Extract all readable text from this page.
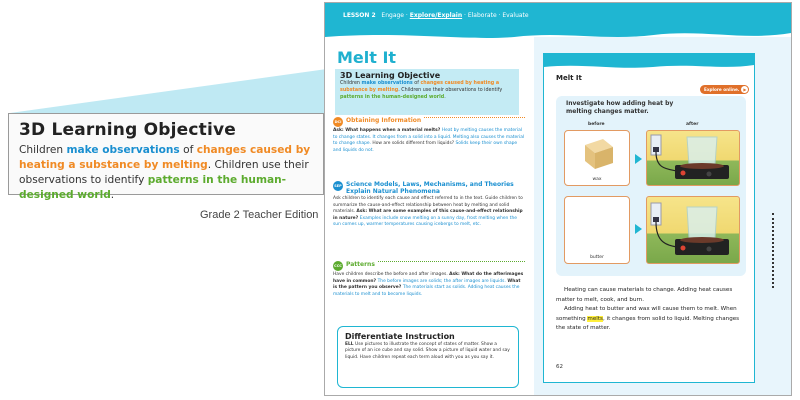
3D Learning Objective

Children make observations of changes caused by heating a substance by melting. Children use their observations to identify patterns in the human-designed world.

Grade 2 Teacher Edition
LESSON 2 Engage · Explore/Explain · Elaborate · Evaluate
Melt It
3D Learning Objective

Children make observations of changes caused by heating a substance by melting. Children use their observations to identify patterns in the human-designed world.

DCI Obtaining Information
Ask: What happens when a material melts? Heat by melting causes the material to change states. It changes from a solid into a liquid. Melting also causes the material to change shape. How are solids different from liquids? Solids keep their own shape and liquids do not.
SEP Science Models, Laws, Mechanisms, and Theories Explain Natural Phenomena
Ask children to identify each cause and effect referred to in the text. Guide children to summarize the cause-and-effect relationship between heat by melting and solid materials. Ask: What are some examples of this cause-and-effect relationship in nature? Examples include snow melting on a sunny day, frost melting when the sun comes up, warmer temperatures causing icebergs to melt, etc.
CCC Patterns
Have children describe the before and after images. Ask: What do the afterimages have in common? The before images are solids; the after images are liquids. What is the pattern you observe? The materials start as solids. Adding heat causes the materials to melt and to become liquids.
Differentiate Instruction

ELL Use pictures to illustrate the concept of states of matter. Show a picture of an ice cube and say solid. Show a picture of liquid water and say liquid. Have children repeat each term aloud with you as you say it.

Melt It
Explore online. ▶
Investigate how adding heat by melting changes matter.
before	after
wax
butter
Heating can cause materials to change. Adding heat causes matter to melt, cook, and burn.
Adding heat to butter and wax will cause them to melt. When something melts, it changes from solid to liquid. Melting changes the state of matter.
62
